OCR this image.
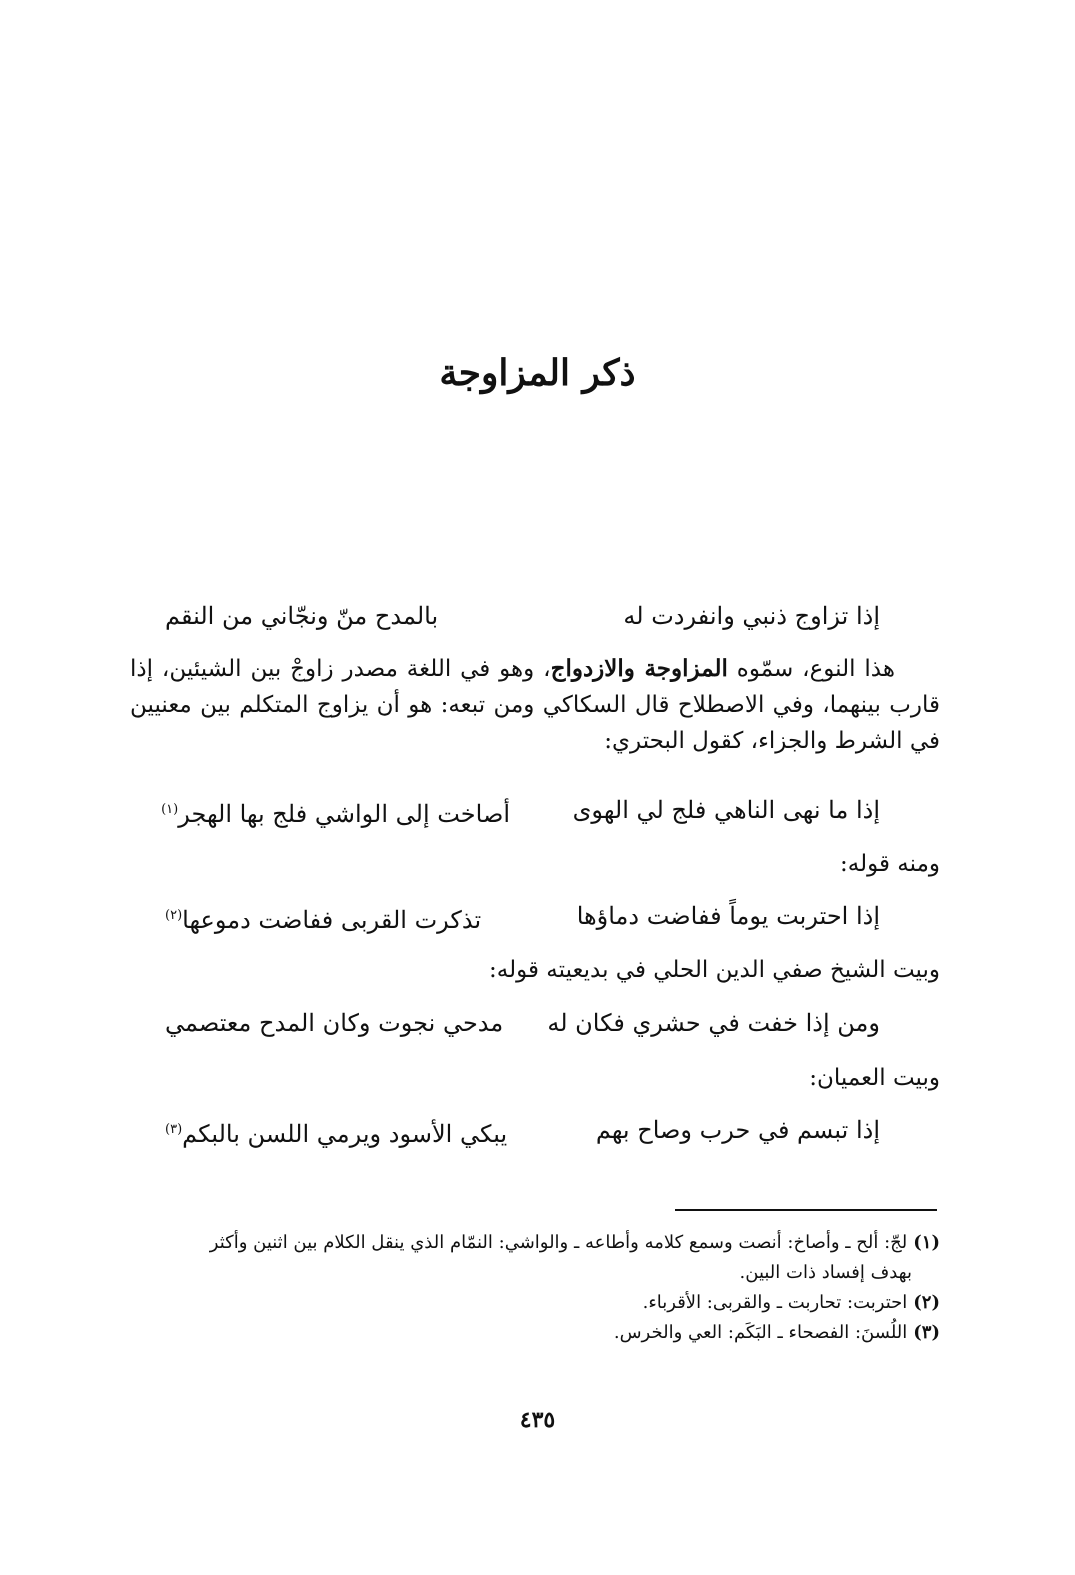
ذكر المزاوجة
إذا تزاوج ذنبي وانفردت له
بالمدح منّ ونجّاني من النقم
هذا النوع، سمّوه المزاوجة والازدواج، وهو في اللغة مصدر زاوجْ بين الشيئين، إذا قارب بينهما، وفي الاصطلاح قال السكاكي ومن تبعه: هو أن يزاوج المتكلم بين معنيين في الشرط والجزاء، كقول البحتري:
إذا ما نهى الناهي فلج لي الهوى
أصاخت إلى الواشي فلج بها الهجر$^{(١)}$
ومنه قوله:
إذا احتربت يوماً ففاضت دماؤها
تذكرت القربى ففاضت دموعها$^{(٢)}$
وبيت الشيخ صفي الدين الحلي في بديعيته قوله:
ومن إذا خفت في حشري فكان له
مدحي نجوت وكان المدح معتصمي
وبيت العميان:
إذا تبسم في حرب وصاح بهم
يبكي الأسود ويرمي اللسن بالبكم$^{(٣)}$

(١)لجّ: ألح ـ وأصاخ: أنصت وسمع كلامه وأطاعه ـ والواشي: النمّام الذي ينقل الكلام بين اثنين وأكثر

بهدف إفساد ذات البين.

(٢)احتربت: تحاربت ـ والقربى: الأقرباء.

(٣)اللُسنَ: الفصحاء ـ البَكَم: العي والخرس.

٤٣٥
